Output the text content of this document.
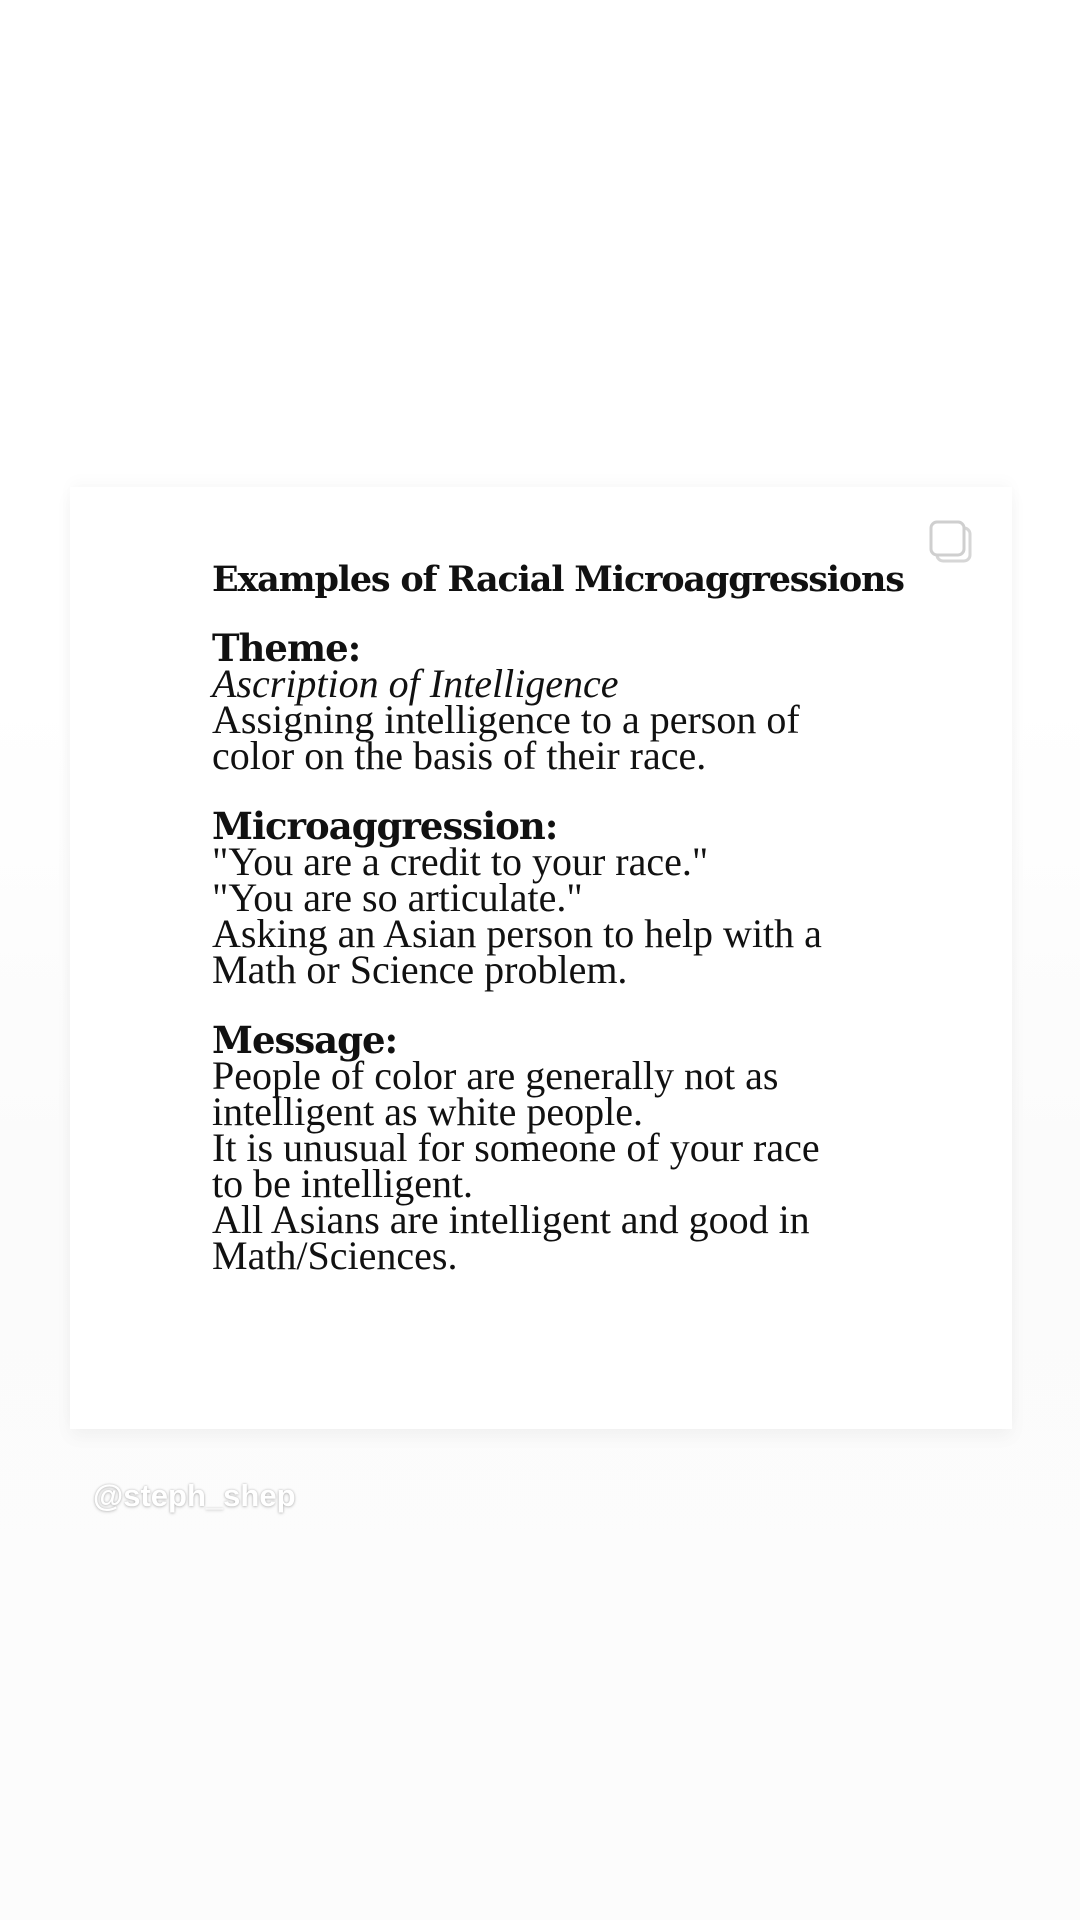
Examples of Racial Microaggressions
Theme:
Ascription of Intelligence
Assigning intelligence to a person of
color on the basis of their race.
Microaggression:
"You are a credit to your race."
"You are so articulate."
Asking an Asian person to help with a
Math or Science problem.
Message:
People of color are generally not as
intelligent as white people.
It is unusual for someone of your race
to be intelligent.
All Asians are intelligent and good in
Math/Sciences.
@steph_shep
